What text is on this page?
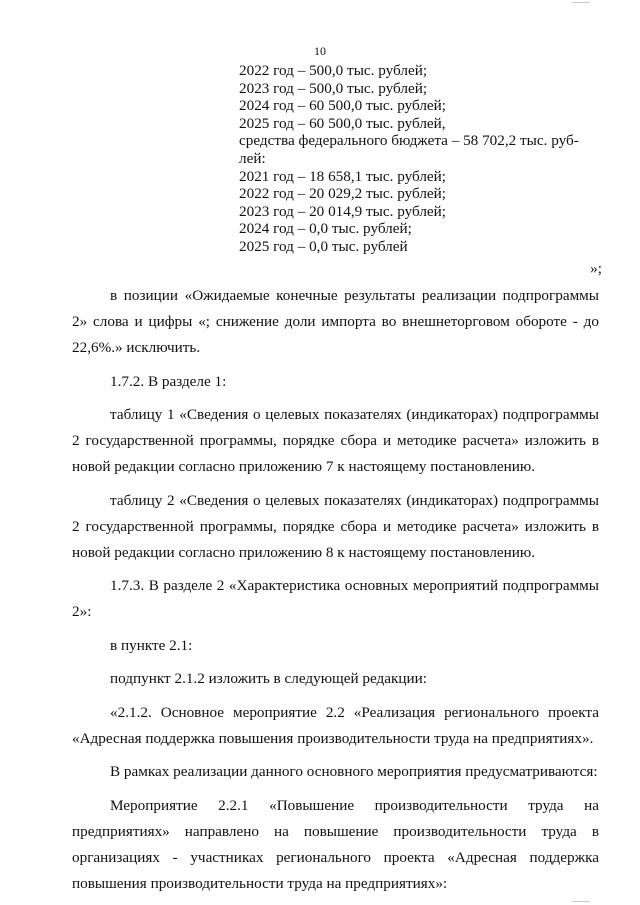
10
2022 год – 500,0 тыс. рублей;
2023 год – 500,0 тыс. рублей;
2024 год – 60 500,0 тыс. рублей;
2025 год – 60 500,0 тыс. рублей,
средства федерального бюджета – 58 702,2 тыс. руб-
лей:
2021 год – 18 658,1 тыс. рублей;
2022 год – 20 029,2 тыс. рублей;
2023 год – 20 014,9 тыс. рублей;
2024 год – 0,0 тыс. рублей;
2025 год – 0,0 тыс. рублей
»;

в позиции «Ожидаемые конечные результаты реализации подпрограммы 2» слова и цифры «; снижение доли импорта во внешнеторговом обороте - до 22,6%.» исключить.

1.7.2. В разделе 1:

таблицу 1 «Сведения о целевых показателях (индикаторах) подпрограммы 2 государственной программы, порядке сбора и методике расчета» изложить в новой редакции согласно приложению 7 к настоящему постановлению.

таблицу 2 «Сведения о целевых показателях (индикаторах) подпрограммы 2 государственной программы, порядке сбора и методике расчета» изложить в новой редакции согласно приложению 8 к настоящему постановлению.

1.7.3. В разделе 2 «Характеристика основных мероприятий подпрограммы 2»:

в пункте 2.1:

подпункт 2.1.2 изложить в следующей редакции:

«2.1.2. Основное мероприятие 2.2 «Реализация регионального проекта «Адресная поддержка повышения производительности труда на предприятиях».

В рамках реализации данного основного мероприятия предусматриваются:

Мероприятие 2.2.1 «Повышение производительности труда на предприятиях» направлено на повышение производительности труда в организациях - участниках регионального проекта «Адресная поддержка повышения производительности труда на предприятиях»:
